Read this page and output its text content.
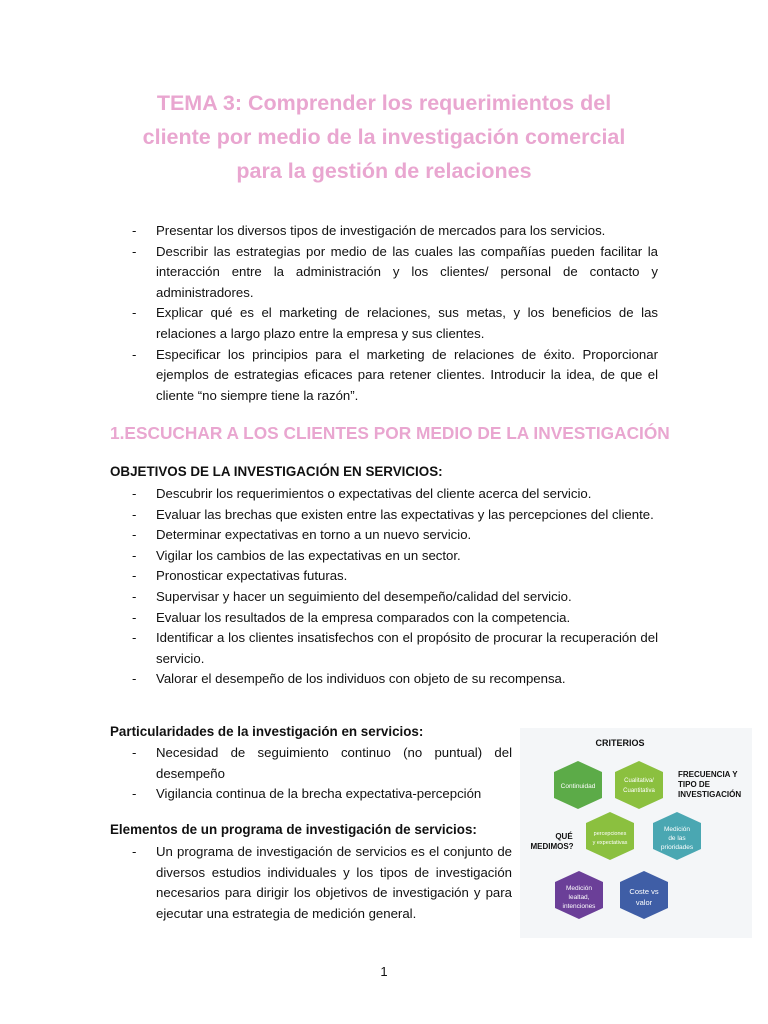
TEMA 3: Comprender los requerimientos del
cliente por medio de la investigación comercial
para la gestión de relaciones
- Presentar los diversos tipos de investigación de mercados para los servicios.
- Describir las estrategias por medio de las cuales las compañías pueden facilitar la interacción entre la administración y los clientes/ personal de contacto y administradores.
- Explicar qué es el marketing de relaciones, sus metas, y los beneficios de las relaciones a largo plazo entre la empresa y sus clientes.
- Especificar los principios para el marketing de relaciones de éxito. Proporcionar ejemplos de estrategias eficaces para retener clientes. Introducir la idea, de que el cliente “no siempre tiene la razón”.
1.ESCUCHAR A LOS CLIENTES POR MEDIO DE LA INVESTIGACIÓN
OBJETIVOS DE LA INVESTIGACIÓN EN SERVICIOS:
- Descubrir los requerimientos o expectativas del cliente acerca del servicio.
- Evaluar las brechas que existen entre las expectativas y las percepciones del cliente.
- Determinar expectativas en torno a un nuevo servicio.
- Vigilar los cambios de las expectativas en un sector.
- Pronosticar expectativas futuras.
- Supervisar y hacer un seguimiento del desempeño/calidad del servicio.
- Evaluar los resultados de la empresa comparados con la competencia.
- Identificar a los clientes insatisfechos con el propósito de procurar la recuperación del servicio.
- Valorar el desempeño de los individuos con objeto de su recompensa.
Particularidades de la investigación en servicios:
- Necesidad de seguimiento continuo (no puntual) del desempeño
- Vigilancia continua de la brecha expectativa-percepción
Elementos de un programa de investigación de servicios:
- Un programa de investigación de servicios es el conjunto de diversos estudios individuales y los tipos de investigación necesarios para dirigir los objetivos de investigación y para ejecutar una estrategia de medición general.
CRITERIOS
Continuidad
Cualitativa/
Cuantitativa
FRECUENCIA Y
TIPO DE
INVESTIGACIÓN
QUÉ
MEDIMOS?
percepciones
y expectativas
Medición
de las
prioridades
Medición
lealtad,
intenciones
Coste vs
valor
1
